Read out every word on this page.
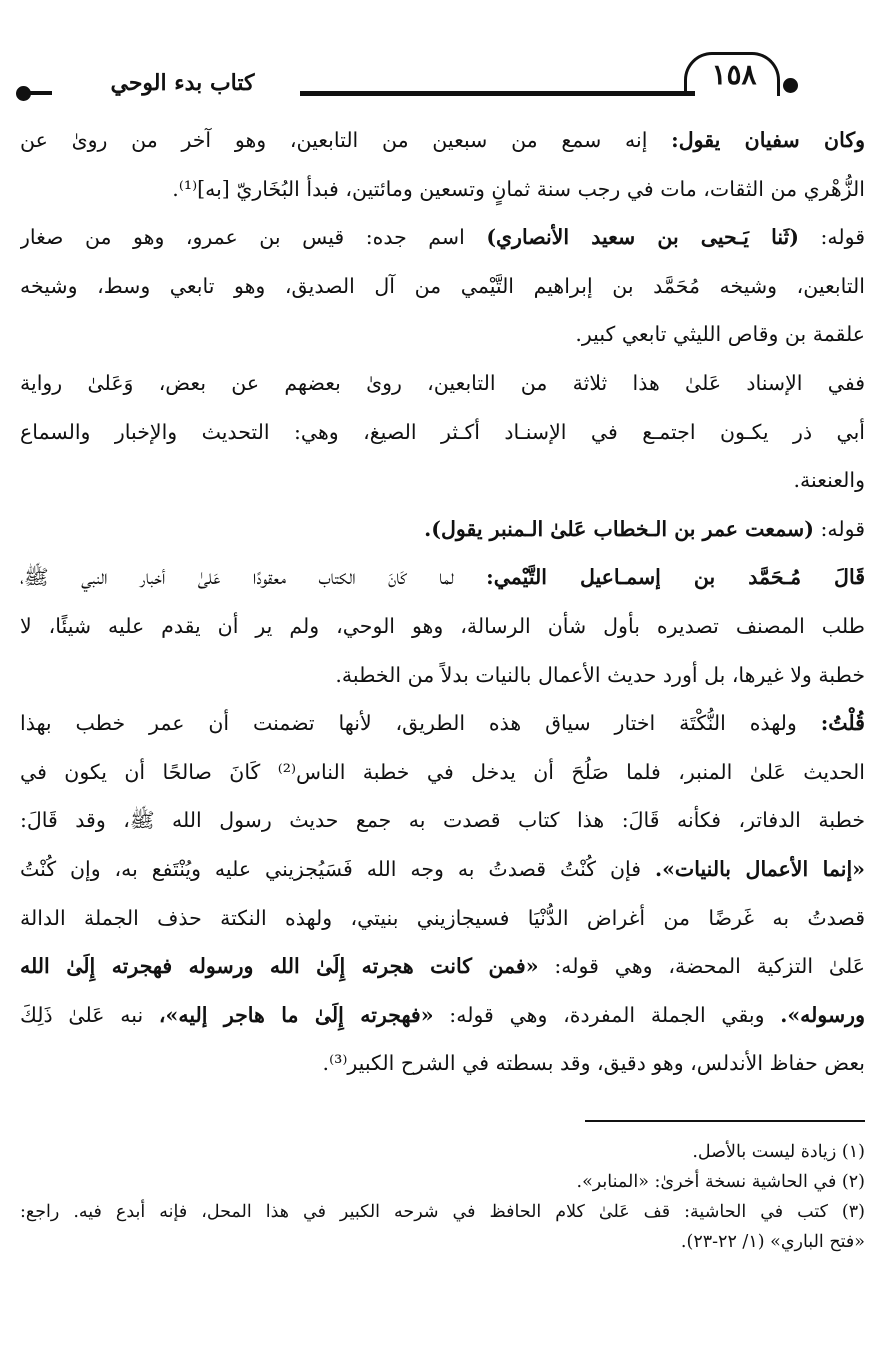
كتاب بدء الوحي	١٥٨
وكان سفيان يقول: إنه سمع من سبعين من التابعين، وهو آخر من روىٰ عن
الزُّهْري من الثقات، مات في رجب سنة ثمانٍ وتسعين ومائتين، فبدأ البُخَاريّ [به]⁽¹⁾.
قوله: (ثَنا يَـحيى بن سعيد الأنصاري) اسم جده: قيس بن عمرو، وهو من صغار
التابعين، وشيخه مُحَمَّد بن إبراهيم التَّيْمي من آل الصديق، وهو تابعي وسط، وشيخه
علقمة بن وقاص الليثي تابعي كبير.
ففي الإسناد عَلىٰ هذا ثلاثة من التابعين، روىٰ بعضهم عن بعض، وَعَلىٰ رواية
أبي ذر يكـون اجتمـع في الإسنـاد أكـثر الصيغ، وهي: التحديث والإخبار والسماع
والعنعنة.
قوله: (سمعت عمر بن الـخطاب عَلىٰ الـمنبر يقول).
قَالَ مُـحَمَّد بن إسمـاعيل التَّيْمي: لما كَانَ الكتاب معقودًا عَلىٰ أخبار النبي ﷺ،
طلب المصنف تصديره بأول شأن الرسالة، وهو الوحي، ولم ير أن يقدم عليه شيئًا، لا
خطبة ولا غيرها، بل أورد حديث الأعمال بالنيات بدلاً من الخطبة.
قُلْتُ: ولهذه النُّكْتَة اختار سياق هذه الطريق، لأنها تضمنت أن عمر خطب بهذا
الحديث عَلىٰ المنبر، فلما صَلُحَ أن يدخل في خطبة الناس⁽²⁾ كَانَ صالحًا أن يكون في
خطبة الدفاتر، فكأنه قَالَ: هذا كتاب قصدت به جمع حديث رسول الله ﷺ، وقد قَالَ:
«إنما الأعمال بالنيات». فإن كُنْتُ قصدتُ به وجه الله فَسَيُجزيني عليه ويُنْتَفع به، وإن كُنْتُ
قصدتُ به غَرضًا من أغراض الدُّنْيَا فسيجازيني بنيتي، ولهذه النكتة حذف الجملة الدالة
عَلىٰ التزكية المحضة، وهي قوله: «فمن كانت هجرته إِلَىٰ الله ورسوله فهجرته إِلَىٰ الله
ورسوله». وبقي الجملة المفردة، وهي قوله: «فهجرته إِلَىٰ ما هاجر إليه»، نبه عَلىٰ ذَلِكَ
بعض حفاظ الأندلس، وهو دقيق، وقد بسطته في الشرح الكبير⁽³⁾.
(١) زيادة ليست بالأصل.
(٢) في الحاشية نسخة أخرىٰ: «المنابر».
(٣) كتب في الحاشية: قف عَلىٰ كلام الحافظ في شرحه الكبير في هذا المحل، فإنه أبدع فيه. راجع:
«فتح الباري» (١/ ٢٢-٢٣).
